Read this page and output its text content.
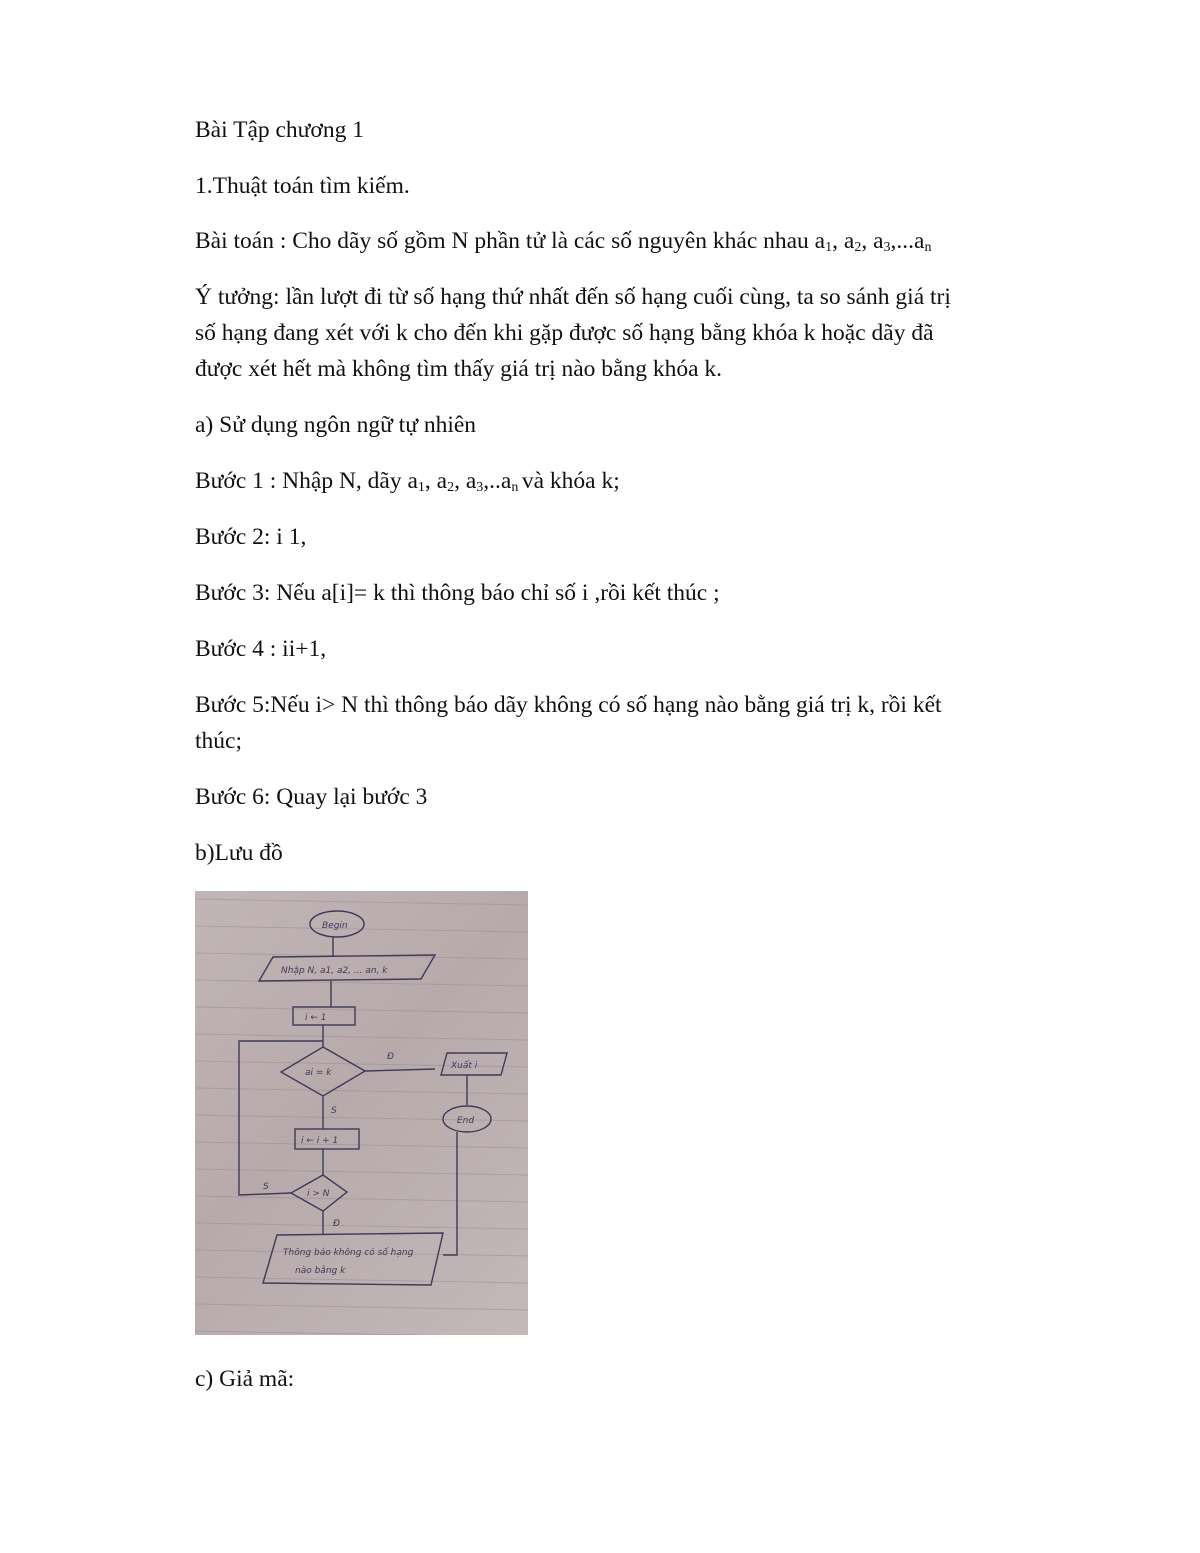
Bài Tập chương 1
1.Thuật toán tìm kiếm.
Bài toán : Cho dãy số gồm N phần tử là các số nguyên khác nhau $a_1$, $a_2$, $a_3,...a_n$
Ý tưởng: lần lượt đi từ số hạng thứ nhất đến số hạng cuối cùng, ta so sánh giá trị
số hạng đang xét với k cho đến khi gặp được số hạng bằng khóa k hoặc dãy đã
được xét hết mà không tìm thấy giá trị nào bằng khóa k.
a) Sử dụng ngôn ngữ tự nhiên
Bước 1 : Nhập N, dãy $a_1$, $a_2$, $a_3,..a_n$ và khóa k;
Bước 2: i 1,
Bước 3: Nếu a[i]= k thì thông báo chỉ số i ,rồi kết thúc ;
Bước 4 : ii+1,
Bước 5:Nếu i> N thì thông báo dãy không có số hạng nào bằng giá trị k, rồi kết
thúc;
Bước 6: Quay lại bước 3
b)Lưu đồ
Begin
Nhập N, a1, a2, ... an, k
i ← 1
ai = k
Đ
Xuất i
S
End
i ← i + 1
i > N
S
Đ
Thông báo không có số hạng
nào bằng k
c) Giả mã:
